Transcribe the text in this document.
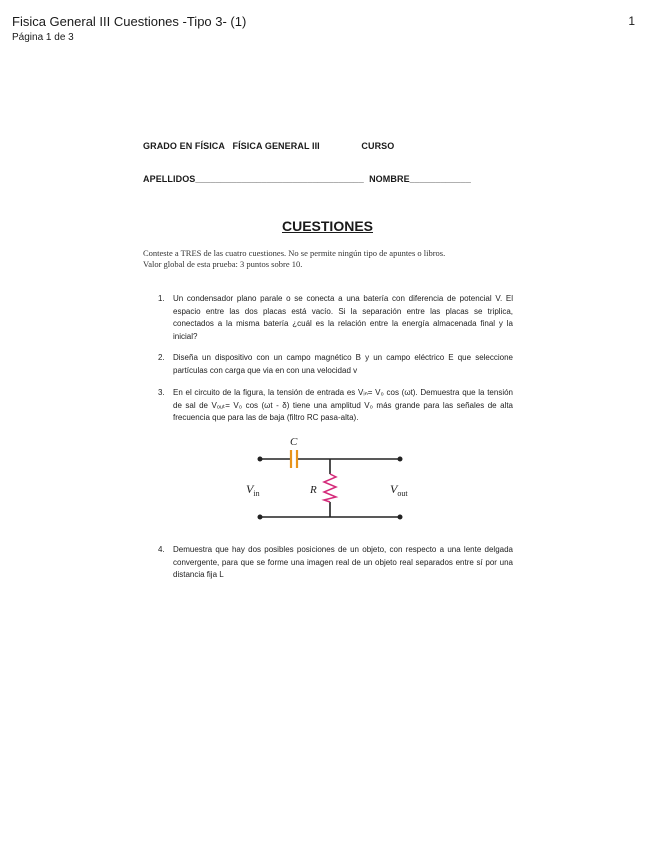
Fisica General III Cuestiones -Tipo 3- (1)	1
Página 1 de 3
GRADO EN FÍSICA   FÍSICA GENERAL III                CURSO
APELLIDOS_________________________________  NOMBRE____________
CUESTIONES
Conteste a TRES de las cuatro cuestiones. No se permite ningún tipo de apuntes o libros.
Valor global de esta prueba: 3 puntos sobre 10.
1. Un condensador plano parale o se conecta a una batería con diferencia de potencial V. El espacio entre las dos placas está vacío. Si la separación entre las placas se triplica, conectados a la misma batería ¿cuál es la relación entre la energía almacenada final y la inicial?
2. Diseña un dispositivo con un campo magnético B y un campo eléctrico E que seleccione partículas con carga que via en con una velocidad v
3. En el circuito de la figura, la tensión de entrada es Vᵢₙ= V₀ cos (ωt). Demuestra que la tensión de sal de Vₒᵤₜ= V₀ cos (ωt - δ) tiene una amplitud V₀ más grande para las señales de alta frecuencia que para las de baja (filtro RC pasa-alta).
C
R
$V_{in}$	$V_{out}$
4. Demuestra que hay dos posibles posiciones de un objeto, con respecto a una lente delgada convergente, para que se forme una imagen real de un objeto real separados entre sí por una distancia fija L
